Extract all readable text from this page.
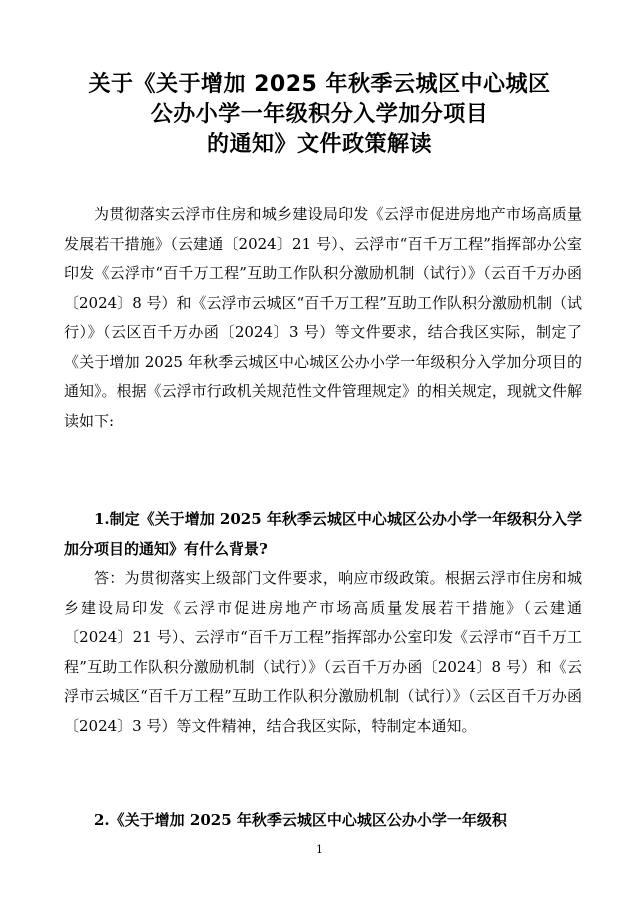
关于《关于增加 2025 年秋季云城区中心城区
公办小学一年级积分入学加分项目
的通知》文件政策解读

为贯彻落实云浮市住房和城乡建设局印发《云浮市促进房地产市场高质量发展若干措施》（云建通〔2024〕21 号）、云浮市“百千万工程”指挥部办公室印发《云浮市“百千万工程”互助工作队积分激励机制（试行）》（云百千万办函〔2024〕8 号）和《云浮市云城区“百千万工程”互助工作队积分激励机制（试行）》（云区百千万办函〔2024〕3 号）等文件要求，结合我区实际，制定了《关于增加 2025 年秋季云城区中心城区公办小学一年级积分入学加分项目的通知》。根据《云浮市行政机关规范性文件管理规定》的相关规定，现就文件解读如下:

1.制定《关于增加 2025 年秋季云城区中心城区公办小学一年级积分入学加分项目的通知》有什么背景?

答：为贯彻落实上级部门文件要求，响应市级政策。根据云浮市住房和城乡建设局印发《云浮市促进房地产市场高质量发展若干措施》（云建通〔2024〕21 号）、云浮市“百千万工程”指挥部办公室印发《云浮市“百千万工程”互助工作队积分激励机制（试行）》（云百千万办函〔2024〕8 号）和《云浮市云城区“百千万工程”互助工作队积分激励机制（试行）》（云区百千万办函〔2024〕3 号）等文件精神，结合我区实际，特制定本通知。

2.《关于增加 2025 年秋季云城区中心城区公办小学一年级积
1
